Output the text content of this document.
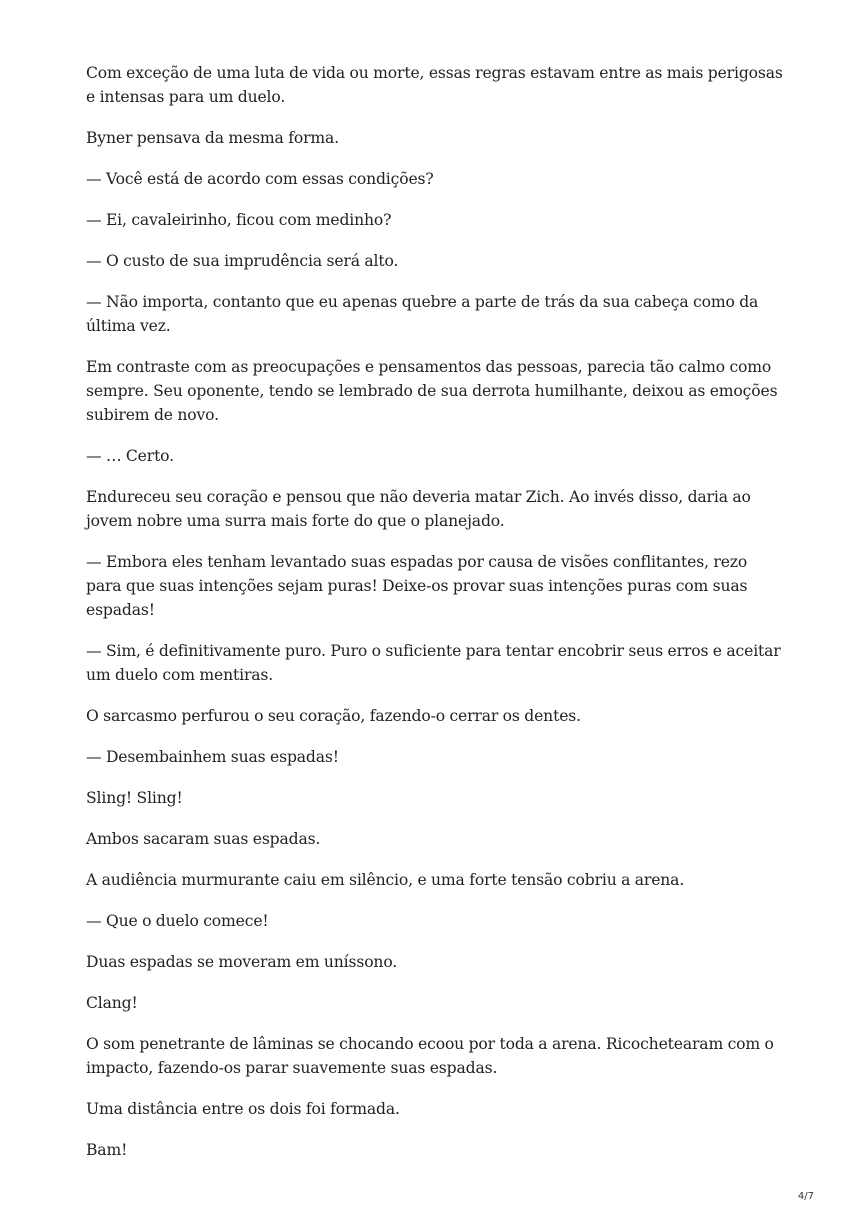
Com exceção de uma luta de vida ou morte, essas regras estavam entre as mais perigosas e intensas para um duelo.

Byner pensava da mesma forma.

— Você está de acordo com essas condições?

— Ei, cavaleirinho, ficou com medinho?

— O custo de sua imprudência será alto.

— Não importa, contanto que eu apenas quebre a parte de trás da sua cabeça como da última vez.

Em contraste com as preocupações e pensamentos das pessoas, parecia tão calmo como sempre. Seu oponente, tendo se lembrado de sua derrota humilhante, deixou as emoções subirem de novo.

— … Certo.

Endureceu seu coração e pensou que não deveria matar Zich. Ao invés disso, daria ao jovem nobre uma surra mais forte do que o planejado.

— Embora eles tenham levantado suas espadas por causa de visões conflitantes, rezo para que suas intenções sejam puras! Deixe-os provar suas intenções puras com suas espadas!

— Sim, é definitivamente puro. Puro o suficiente para tentar encobrir seus erros e aceitar um duelo com mentiras.

O sarcasmo perfurou o seu coração, fazendo-o cerrar os dentes.

— Desembainhem suas espadas!

Sling! Sling!

Ambos sacaram suas espadas.

A audiência murmurante caiu em silêncio, e uma forte tensão cobriu a arena.

— Que o duelo comece!

Duas espadas se moveram em uníssono.

Clang!

O som penetrante de lâminas se chocando ecoou por toda a arena. Ricochetearam com o impacto, fazendo-os parar suavemente suas espadas.

Uma distância entre os dois foi formada.

Bam!

4/7
